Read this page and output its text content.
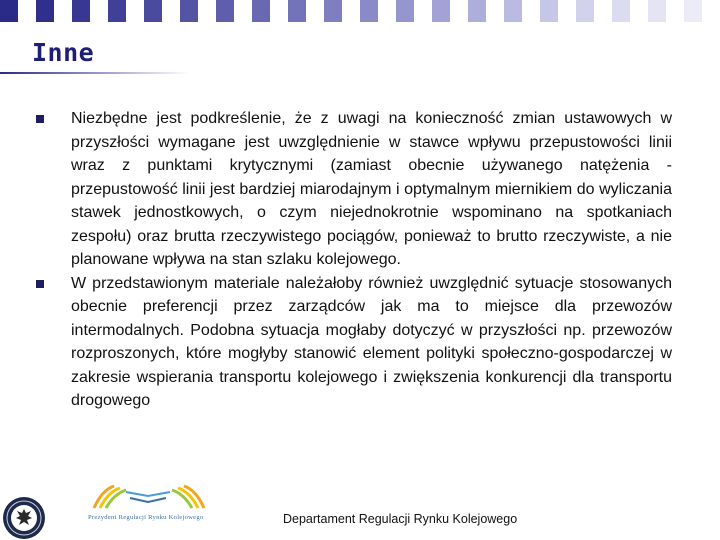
Inne
Niezbędne jest podkreślenie, że z uwagi na konieczność zmian ustawowych w przyszłości wymagane jest uwzględnienie w stawce wpływu przepustowości linii wraz z punktami krytycznymi (zamiast obecnie używanego natężenia - przepustowość linii jest bardziej miarodajnym i optymalnym miernikiem do wyliczania stawek jednostkowych, o czym niejednokrotnie wspominano na spotkaniach zespołu) oraz brutta rzeczywistego pociągów, ponieważ to brutto rzeczywiste, a nie planowane wpływa na stan szlaku kolejowego.
W przedstawionym materiale należałoby również uwzględnić sytuacje stosowanych obecnie preferencji przez zarządców jak ma to miejsce dla przewozów intermodalnych. Podobna sytuacja mogłaby dotyczyć w przyszłości np. przewozów rozproszonych, które mogłyby stanowić element polityki społeczno-gospodarczej w zakresie wspierania transportu kolejowego i zwiększenia konkurencji dla transportu drogowego
Prezydent Regulacji Rynku Kolejowego	Departament Regulacji Rynku Kolejowego
